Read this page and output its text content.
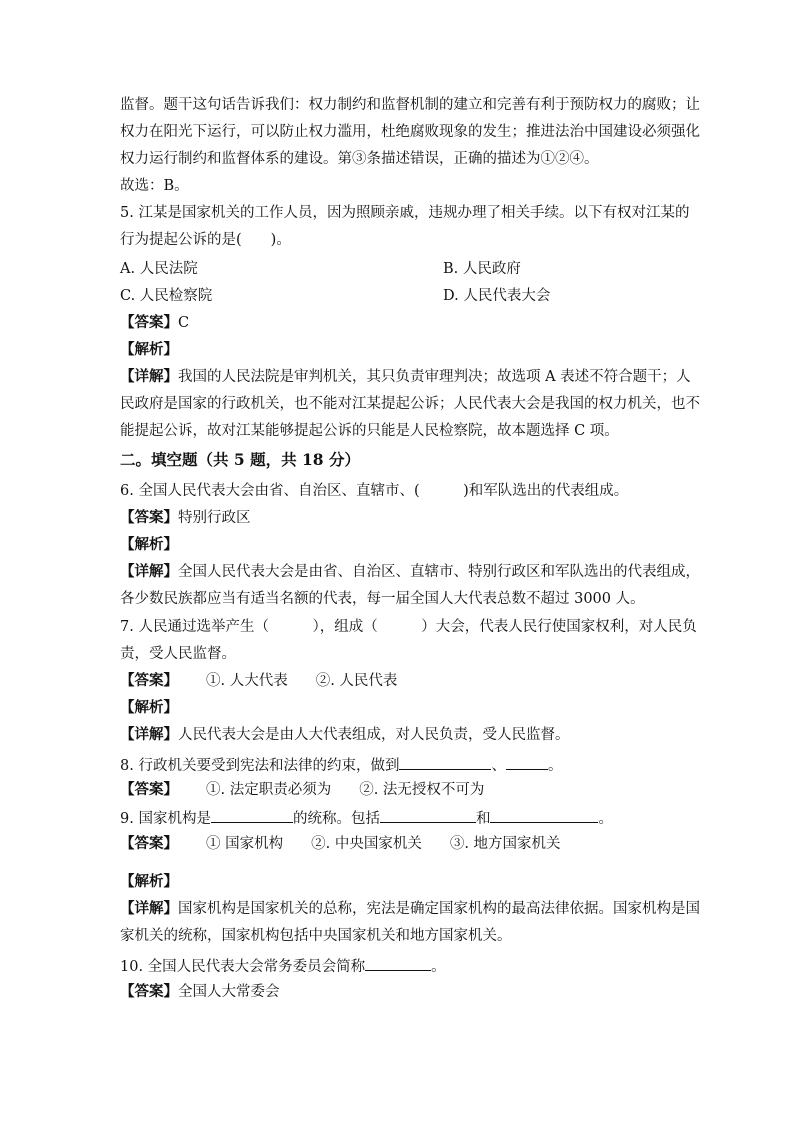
监督。题干这句话告诉我们：权力制约和监督机制的建立和完善有利于预防权力的腐败；让
权力在阳光下运行，可以防止权力滥用，杜绝腐败现象的发生；推进法治中国建设必须强化
权力运行制约和监督体系的建设。第③条描述错误，正确的描述为①②④。
故选：B。
5. 江某是国家机关的工作人员，因为照顾亲戚，违规办理了相关手续。以下有权对江某的
行为提起公诉的是(　　)。
A. 人民法院	B. 人民政府
C. 人民检察院	D. 人民代表大会
【答案】C
【解析】
【详解】我国的人民法院是审判机关，其只负责审理判决；故选项 A 表述不符合题干；人
民政府是国家的行政机关，也不能对江某提起公诉；人民代表大会是我国的权力机关，也不
能提起公诉，故对江某能够提起公诉的只能是人民检察院，故本题选择 C 项。
二。填空题（共 5 题，共 18 分）
6. 全国人民代表大会由省、自治区、直辖市、(　　　)和军队选出的代表组成。
【答案】特别行政区
【解析】
【详解】全国人民代表大会是由省、自治区、直辖市、特别行政区和军队选出的代表组成，
各少数民族都应当有适当名额的代表，每一届全国人大代表总数不超过 3000 人。
7. 人民通过选举产生（　　　），组成（　　　）大会，代表人民行使国家权利，对人民负
责，受人民监督。
【答案】 ①. 人大代表 ②. 人民代表
【解析】
【详解】人民代表大会是由人大代表组成，对人民负责，受人民监督。
8. 行政机关要受到宪法和法律的约束，做到	、	。
【答案】 ①. 法定职责必须为 ②. 法无授权不可为
9. 国家机构是	的统称。包括	和	。
【答案】 ① 国家机构 ②. 中央国家机关 ③. 地方国家机关
【解析】
【详解】国家机构是国家机关的总称，宪法是确定国家机构的最高法律依据。国家机构是国
家机关的统称，国家机构包括中央国家机关和地方国家机关。
10. 全国人民代表大会常务委员会简称	。
【答案】全国人大常委会
